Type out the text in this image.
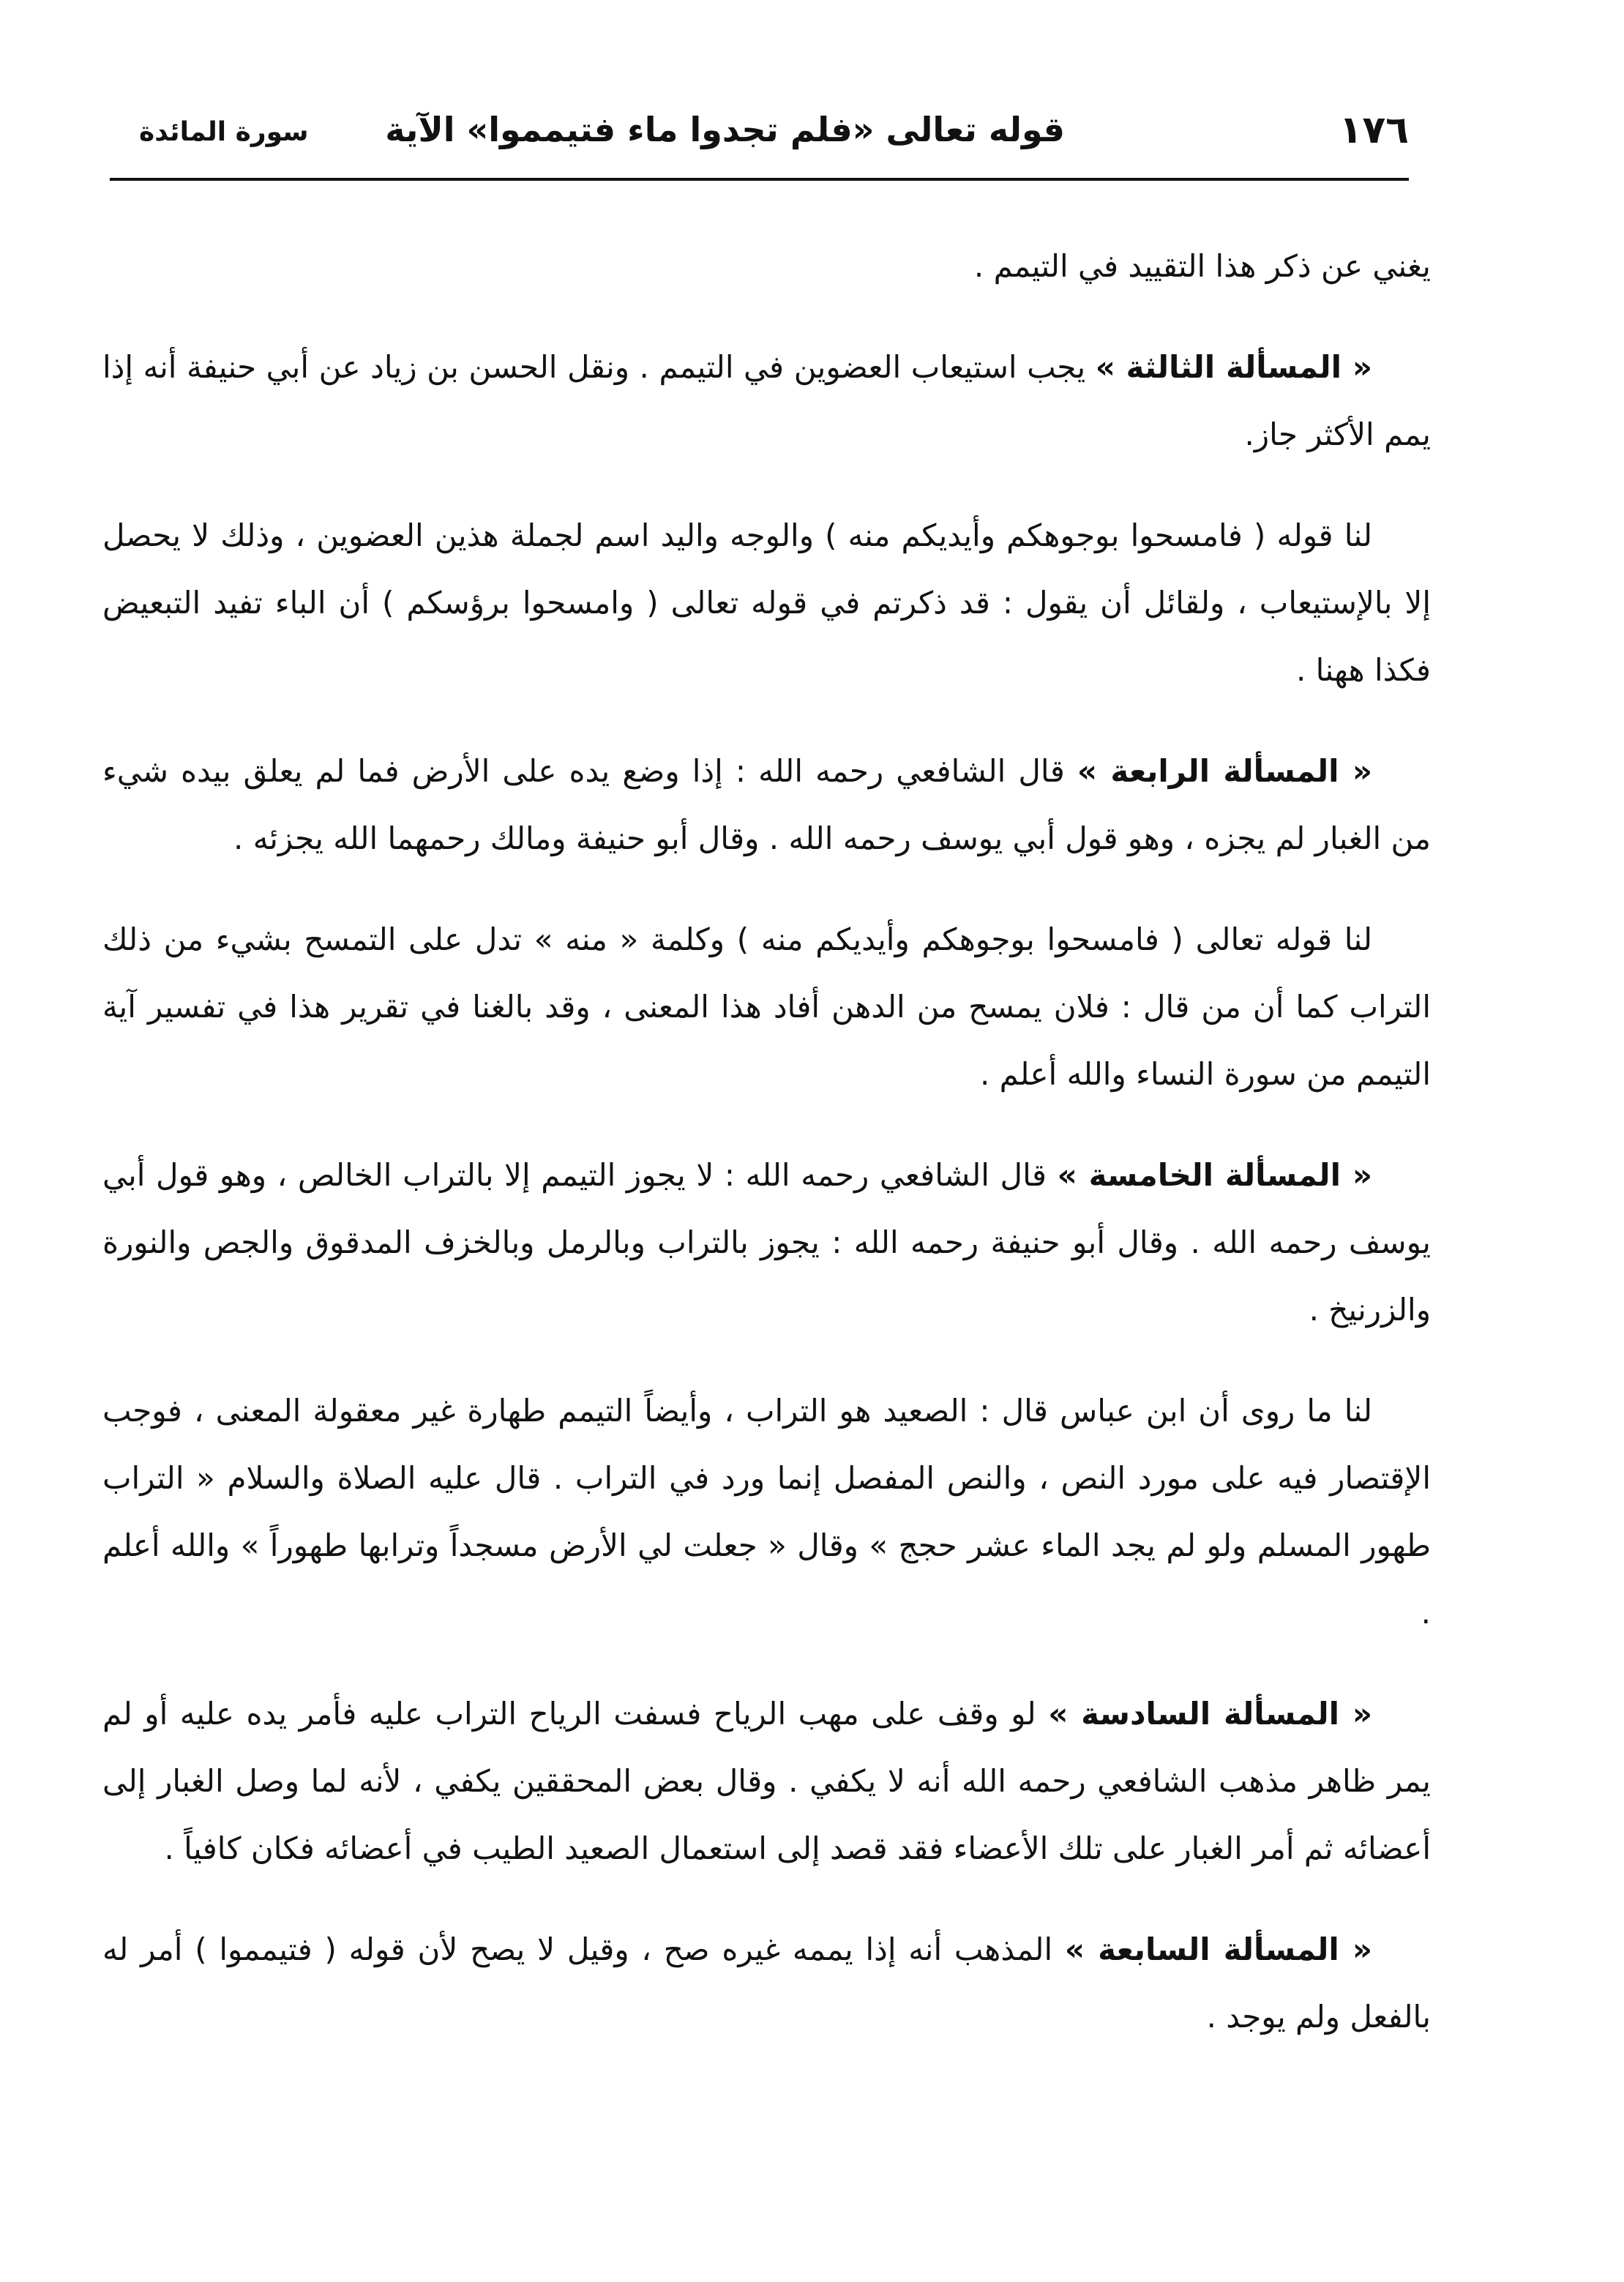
١٧٦
قوله تعالى «فلم تجدوا ماء فتيمموا» الآية
سورة المائدة

يغني عن ذكر هذا التقييد في التيمم .

« المسألة الثالثة » يجب استيعاب العضوين في التيمم . ونقل الحسن بن زياد عن أبي حنيفة أنه إذا يمم الأكثر جاز.

لنا قوله ( فامسحوا بوجوهكم وأيديكم منه ) والوجه واليد اسم لجملة هذين العضوين ، وذلك لا يحصل إلا بالإستيعاب ، ولقائل أن يقول : قد ذكرتم في قوله تعالى ( وامسحوا برؤسكم ) أن الباء تفيد التبعيض فكذا ههنا .

« المسألة الرابعة » قال الشافعي رحمه الله : إذا وضع يده على الأرض فما لم يعلق بيده شيء من الغبار لم يجزه ، وهو قول أبي يوسف رحمه الله . وقال أبو حنيفة ومالك رحمهما الله يجزئه .

لنا قوله تعالى ( فامسحوا بوجوهكم وأيديكم منه ) وكلمة « منه » تدل على التمسح بشيء من ذلك التراب كما أن من قال : فلان يمسح من الدهن أفاد هذا المعنى ، وقد بالغنا في تقرير هذا في تفسير آية التيمم من سورة النساء والله أعلم .

« المسألة الخامسة » قال الشافعي رحمه الله : لا يجوز التيمم إلا بالتراب الخالص ، وهو قول أبي يوسف رحمه الله . وقال أبو حنيفة رحمه الله : يجوز بالتراب وبالرمل وبالخزف المدقوق والجص والنورة والزرنيخ .

لنا ما روى أن ابن عباس قال : الصعيد هو التراب ، وأيضاً التيمم طهارة غير معقولة المعنى ، فوجب الإقتصار فيه على مورد النص ، والنص المفصل إنما ورد في التراب . قال عليه الصلاة والسلام « التراب طهور المسلم ولو لم يجد الماء عشر حجج » وقال « جعلت لي الأرض مسجداً وترابها طهوراً » والله أعلم .

« المسألة السادسة » لو وقف على مهب الرياح فسفت الرياح التراب عليه فأمر يده عليه أو لم يمر ظاهر مذهب الشافعي رحمه الله أنه لا يكفي . وقال بعض المحققين يكفي ، لأنه لما وصل الغبار إلى أعضائه ثم أمر الغبار على تلك الأعضاء فقد قصد إلى استعمال الصعيد الطيب في أعضائه فكان كافياً .

« المسألة السابعة » المذهب أنه إذا يممه غيره صح ، وقيل لا يصح لأن قوله ( فتيمموا ) أمر له بالفعل ولم يوجد .
